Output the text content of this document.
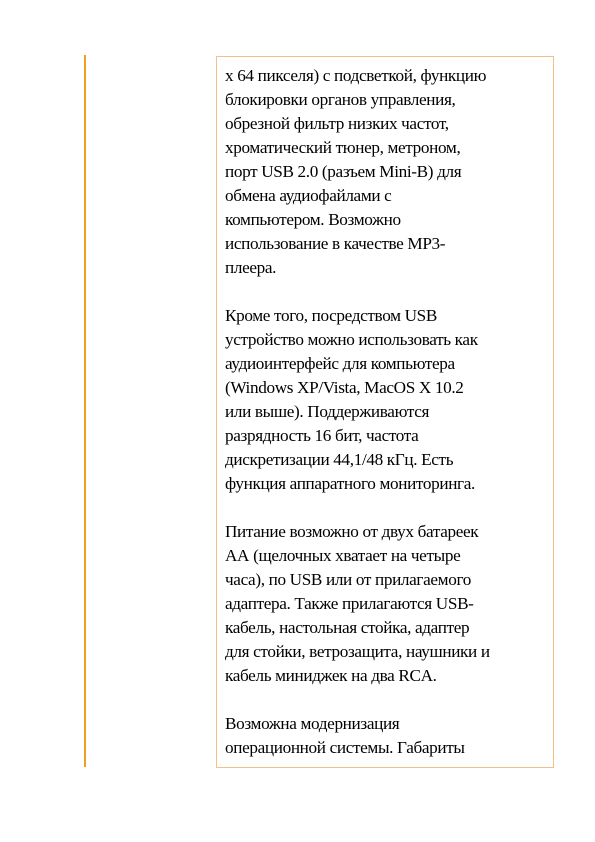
x 64 пикселя) с подсветкой, функцию
блокировки органов управления,
обрезной фильтр низких частот,
хроматический тюнер, метроном,
порт USB 2.0 (разъем Mini-B) для
обмена аудиофайлами с
компьютером. Возможно
использование в качестве MP3-
плеера.

Кроме того, посредством USB
устройство можно использовать как
аудиоинтерфейс для компьютера
(Windows XP/Vista, MacOS X 10.2
или выше). Поддерживаются
разрядность 16 бит, частота
дискретизации 44,1/48 кГц. Есть
функция аппаратного мониторинга.

Питание возможно от двух батареек
АА (щелочных хватает на четыре
часа), по USB или от прилагаемого
адаптера. Также прилагаются USB-
кабель, настольная стойка, адаптер
для стойки, ветрозащита, наушники и
кабель миниджек на два RCA.

Возможна модернизация
операционной системы. Габариты
